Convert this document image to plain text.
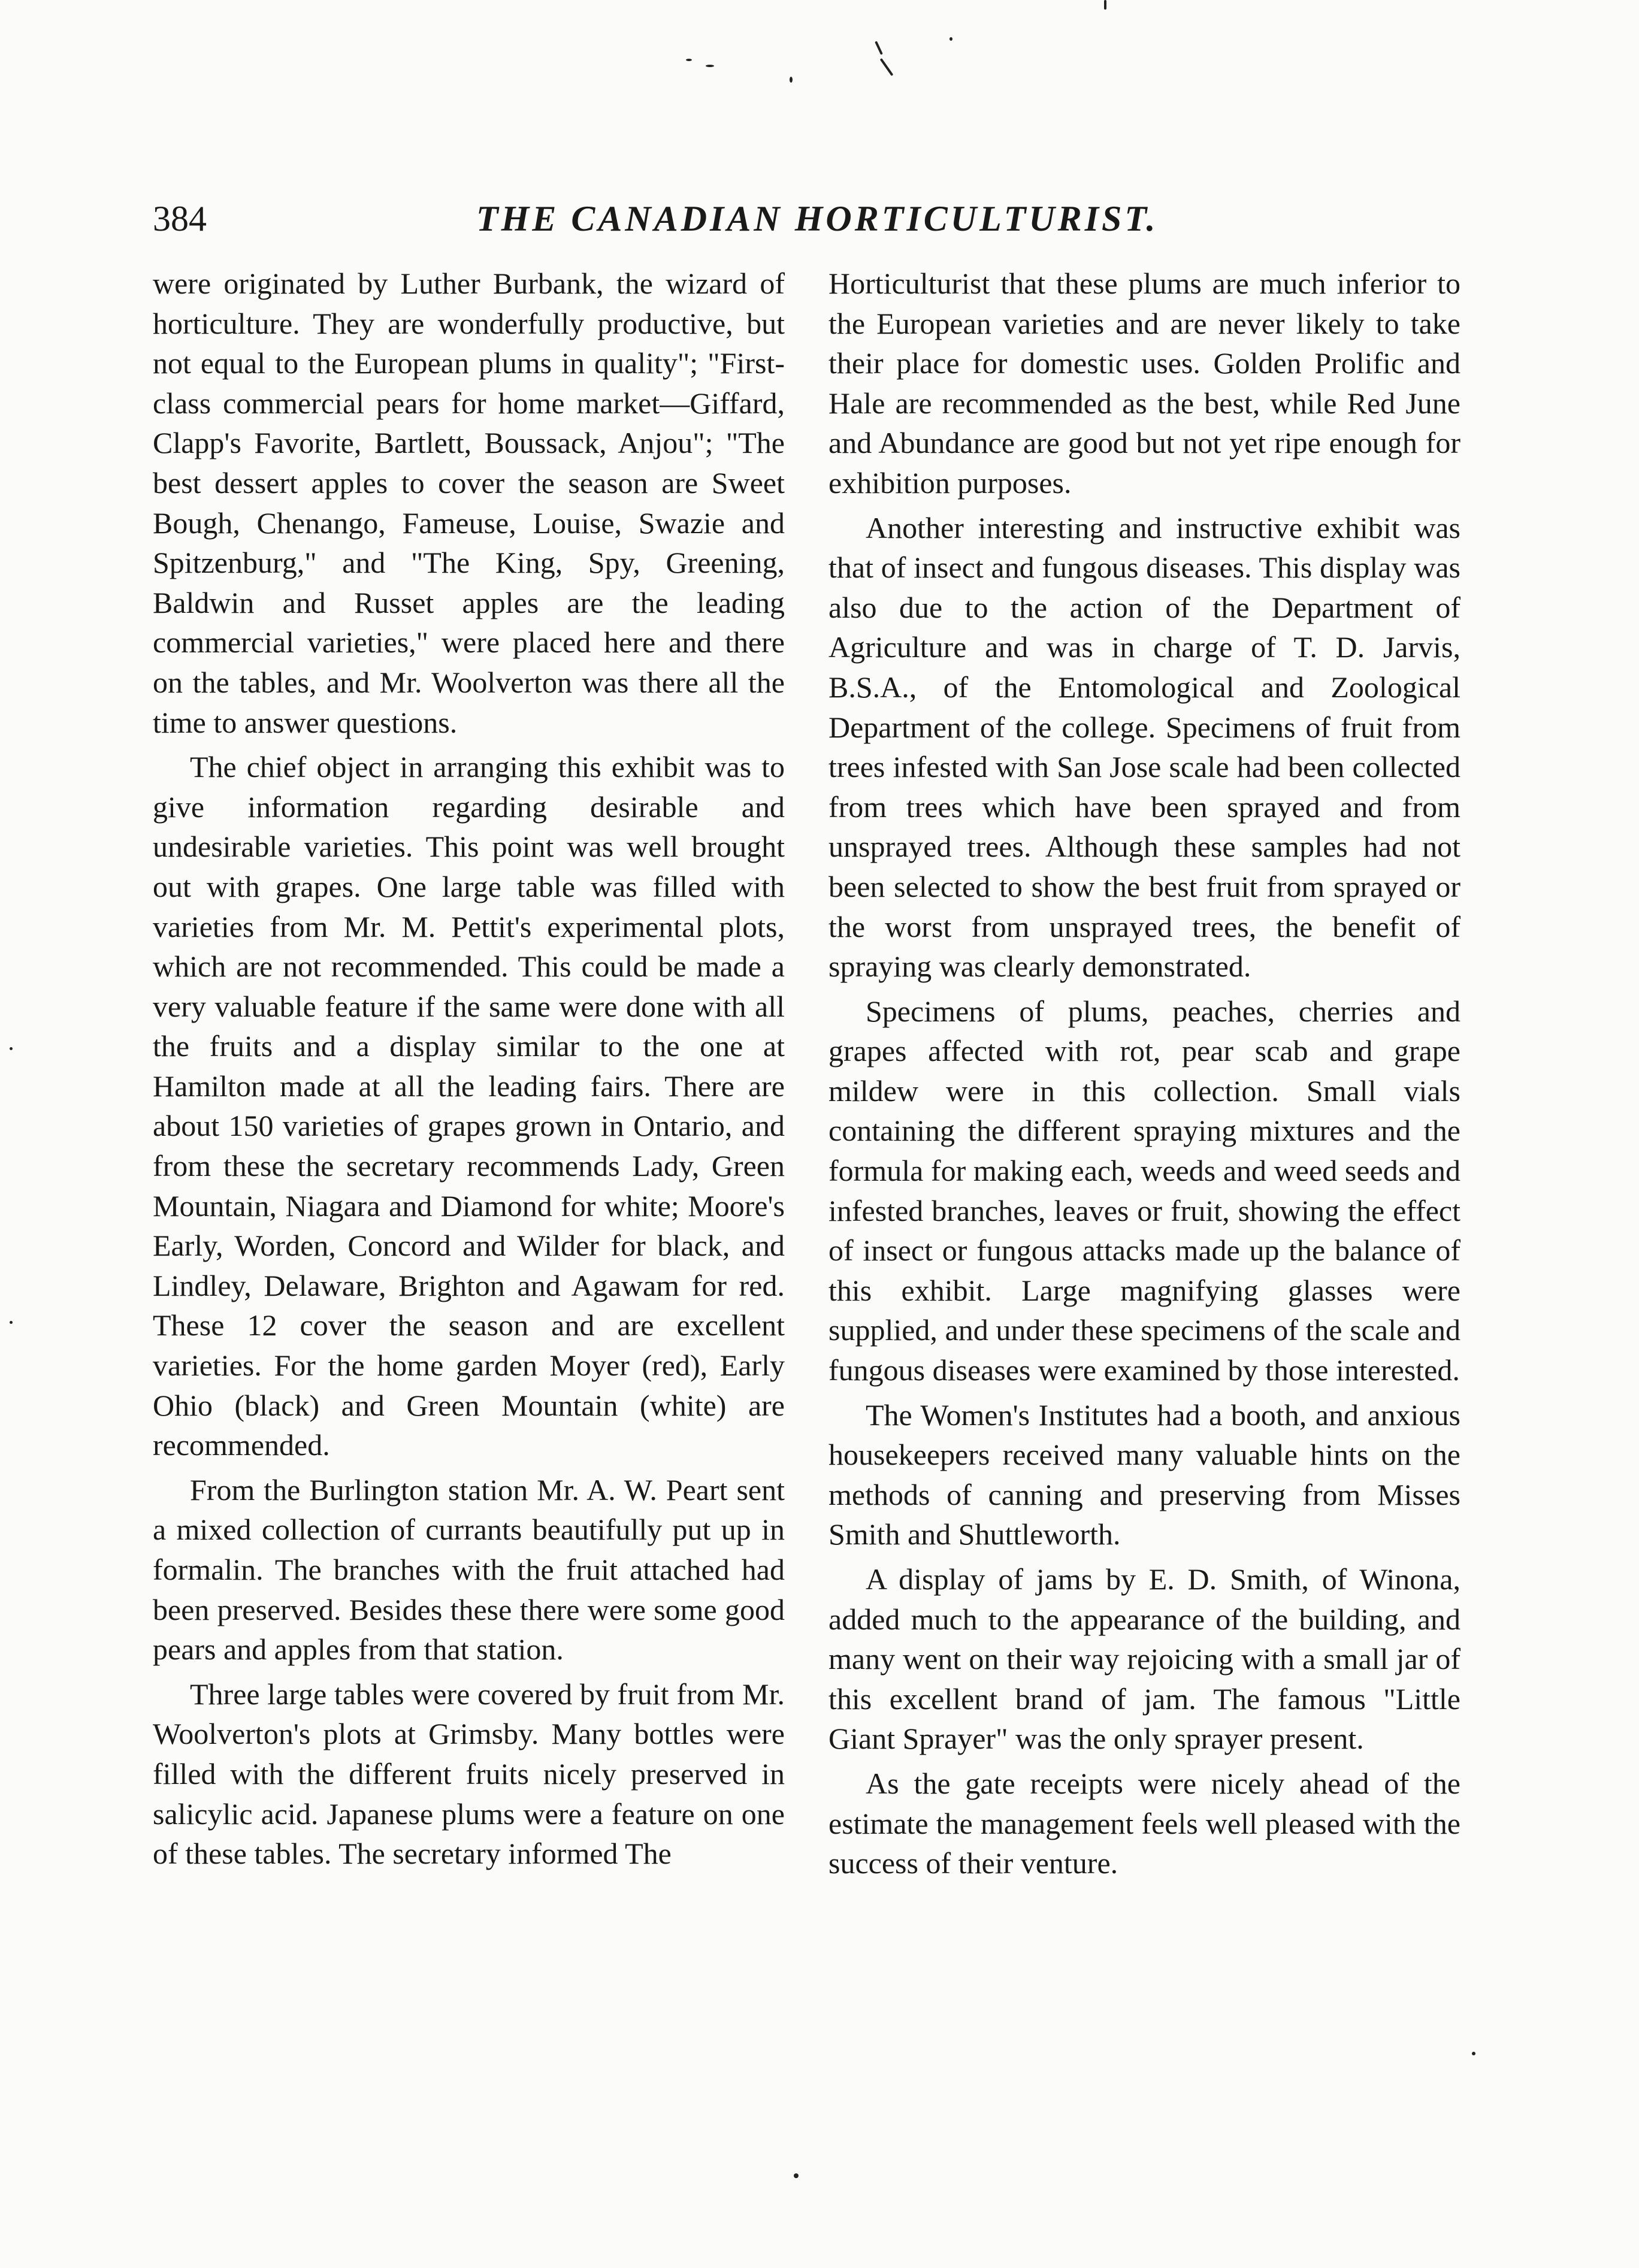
384	THE CANADIAN HORTICULTURIST.

were originated by Luther Burbank, the wizard of horticulture. They are wonderfully productive, but not equal to the European plums in quality"; "First-class commercial pears for home market—Giffard, Clapp's Favorite, Bartlett, Boussack, Anjou"; "The best dessert apples to cover the season are Sweet Bough, Chenango, Fameuse, Louise, Swazie and Spitzenburg," and "The King, Spy, Greening, Baldwin and Russet apples are the leading commercial varieties," were placed here and there on the tables, and Mr. Woolverton was there all the time to answer questions.

The chief object in arranging this exhibit was to give information regarding desirable and undesirable varieties. This point was well brought out with grapes. One large table was filled with varieties from Mr. M. Pettit's experimental plots, which are not recommended. This could be made a very valuable feature if the same were done with all the fruits and a display similar to the one at Hamilton made at all the leading fairs. There are about 150 varieties of grapes grown in Ontario, and from these the secretary recommends Lady, Green Mountain, Niagara and Diamond for white; Moore's Early, Worden, Concord and Wilder for black, and Lindley, Delaware, Brighton and Agawam for red. These 12 cover the season and are excellent varieties. For the home garden Moyer (red), Early Ohio (black) and Green Mountain (white) are recommended.

From the Burlington station Mr. A. W. Peart sent a mixed collection of currants beautifully put up in formalin. The branches with the fruit attached had been preserved. Besides these there were some good pears and apples from that station.

Three large tables were covered by fruit from Mr. Woolverton's plots at Grimsby. Many bottles were filled with the different fruits nicely preserved in salicylic acid. Japanese plums were a feature on one of these tables. The secretary informed The

Horticulturist that these plums are much inferior to the European varieties and are never likely to take their place for domestic uses. Golden Prolific and Hale are recommended as the best, while Red June and Abundance are good but not yet ripe enough for exhibition purposes.

Another interesting and instructive exhibit was that of insect and fungous diseases. This display was also due to the action of the Department of Agriculture and was in charge of T. D. Jarvis, B.S.A., of the Entomological and Zoological Department of the college. Specimens of fruit from trees infested with San Jose scale had been collected from trees which have been sprayed and from unsprayed trees. Although these samples had not been selected to show the best fruit from sprayed or the worst from unsprayed trees, the benefit of spraying was clearly demonstrated.

Specimens of plums, peaches, cherries and grapes affected with rot, pear scab and grape mildew were in this collection. Small vials containing the different spraying mixtures and the formula for making each, weeds and weed seeds and infested branches, leaves or fruit, showing the effect of insect or fungous attacks made up the balance of this exhibit. Large magnifying glasses were supplied, and under these specimens of the scale and fungous diseases were examined by those interested.

The Women's Institutes had a booth, and anxious housekeepers received many valuable hints on the methods of canning and preserving from Misses Smith and Shuttleworth.

A display of jams by E. D. Smith, of Winona, added much to the appearance of the building, and many went on their way rejoicing with a small jar of this excellent brand of jam. The famous "Little Giant Sprayer" was the only sprayer present.

As the gate receipts were nicely ahead of the estimate the management feels well pleased with the success of their venture.
